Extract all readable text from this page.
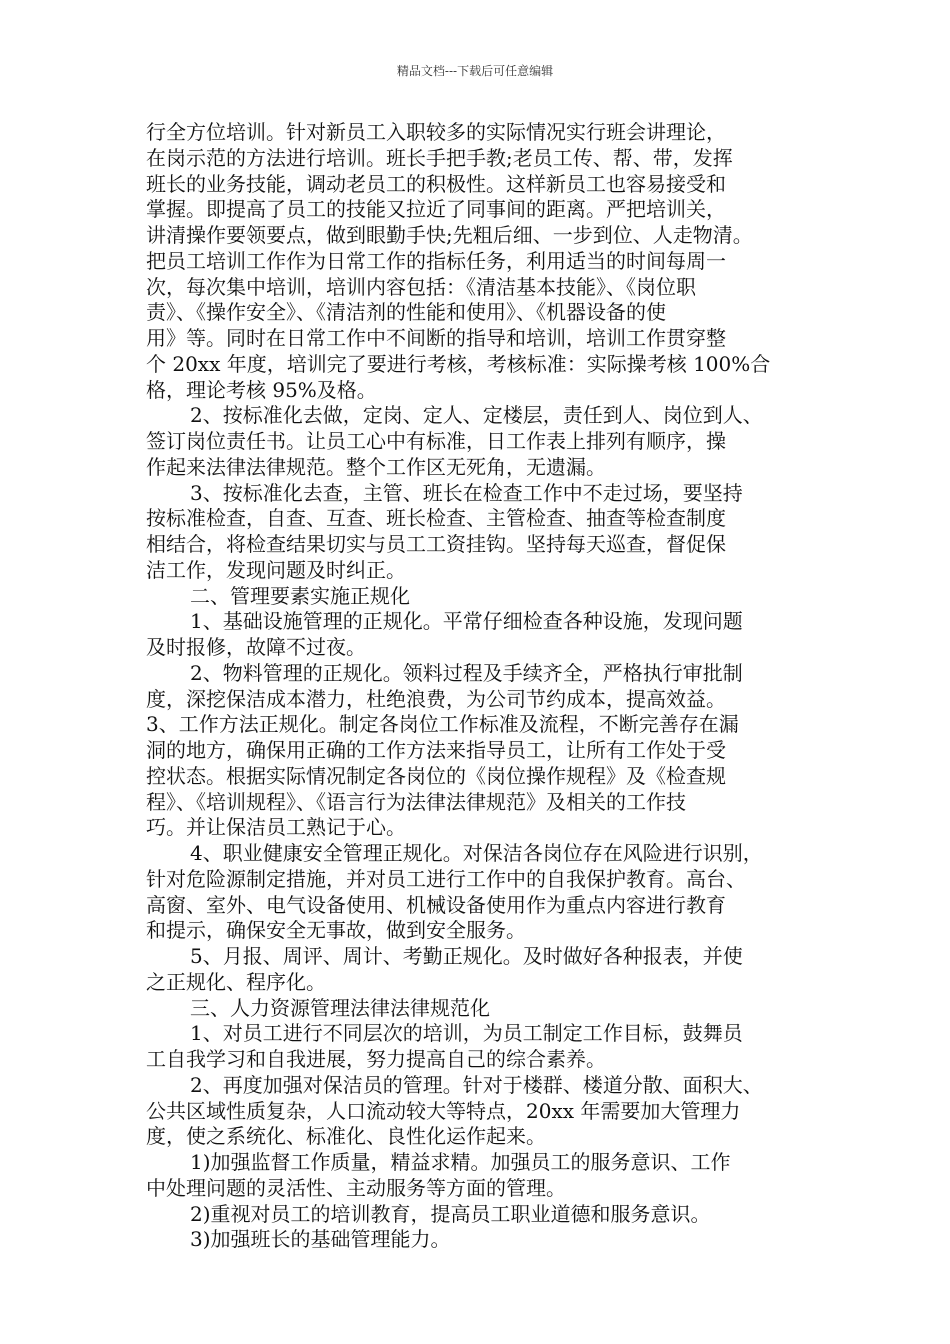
精品文档---下载后可任意编辑
行全方位培训。针对新员工入职较多的实际情况实行班会讲理论，
在岗示范的方法进行培训。班长手把手教;老员工传、帮、带，发挥
班长的业务技能，调动老员工的积极性。这样新员工也容易接受和
掌握。即提高了员工的技能又拉近了同事间的距离。严把培训关，
讲清操作要领要点，做到眼勤手快;先粗后细、一步到位、人走物清。
把员工培训工作作为日常工作的指标任务，利用适当的时间每周一
次，每次集中培训，培训内容包括：《清洁基本技能》、《岗位职
责》、《操作安全》、《清洁剂的性能和使用》、《机器设备的使
用》等。同时在日常工作中不间断的指导和培训，培训工作贯穿整
个 20xx 年度，培训完了要进行考核，考核标准：实际操考核 100%合
格，理论考核 95%及格。
2、按标准化去做，定岗、定人、定楼层，责任到人、岗位到人、
签订岗位责任书。让员工心中有标准，日工作表上排列有顺序，操
作起来法律法律规范。整个工作区无死角，无遗漏。
3、按标准化去查，主管、班长在检查工作中不走过场，要坚持
按标准检查，自查、互查、班长检查、主管检查、抽查等检查制度
相结合，将检查结果切实与员工工资挂钩。坚持每天巡查，督促保
洁工作，发现问题及时纠正。
二、管理要素实施正规化
1、基础设施管理的正规化。平常仔细检查各种设施，发现问题
及时报修，故障不过夜。
2、物料管理的正规化。领料过程及手续齐全，严格执行审批制
度，深挖保洁成本潜力，杜绝浪费，为公司节约成本，提高效益。
3、工作方法正规化。制定各岗位工作标准及流程，不断完善存在漏
洞的地方，确保用正确的工作方法来指导员工，让所有工作处于受
控状态。根据实际情况制定各岗位的《岗位操作规程》及《检查规
程》、《培训规程》、《语言行为法律法律规范》及相关的工作技
巧。并让保洁员工熟记于心。
4、职业健康安全管理正规化。对保洁各岗位存在风险进行识别，
针对危险源制定措施，并对员工进行工作中的自我保护教育。高台、
高窗、室外、电气设备使用、机械设备使用作为重点内容进行教育
和提示，确保安全无事故，做到安全服务。
5、月报、周评、周计、考勤正规化。及时做好各种报表，并使
之正规化、程序化。
三、人力资源管理法律法律规范化
1、对员工进行不同层次的培训，为员工制定工作目标，鼓舞员
工自我学习和自我进展，努力提高自己的综合素养。
2、再度加强对保洁员的管理。针对于楼群、楼道分散、面积大、
公共区域性质复杂，人口流动较大等特点，20xx 年需要加大管理力
度，使之系统化、标准化、良性化运作起来。
1)加强监督工作质量，精益求精。加强员工的服务意识、工作
中处理问题的灵活性、主动服务等方面的管理。
2)重视对员工的培训教育，提高员工职业道德和服务意识。
3)加强班长的基础管理能力。
